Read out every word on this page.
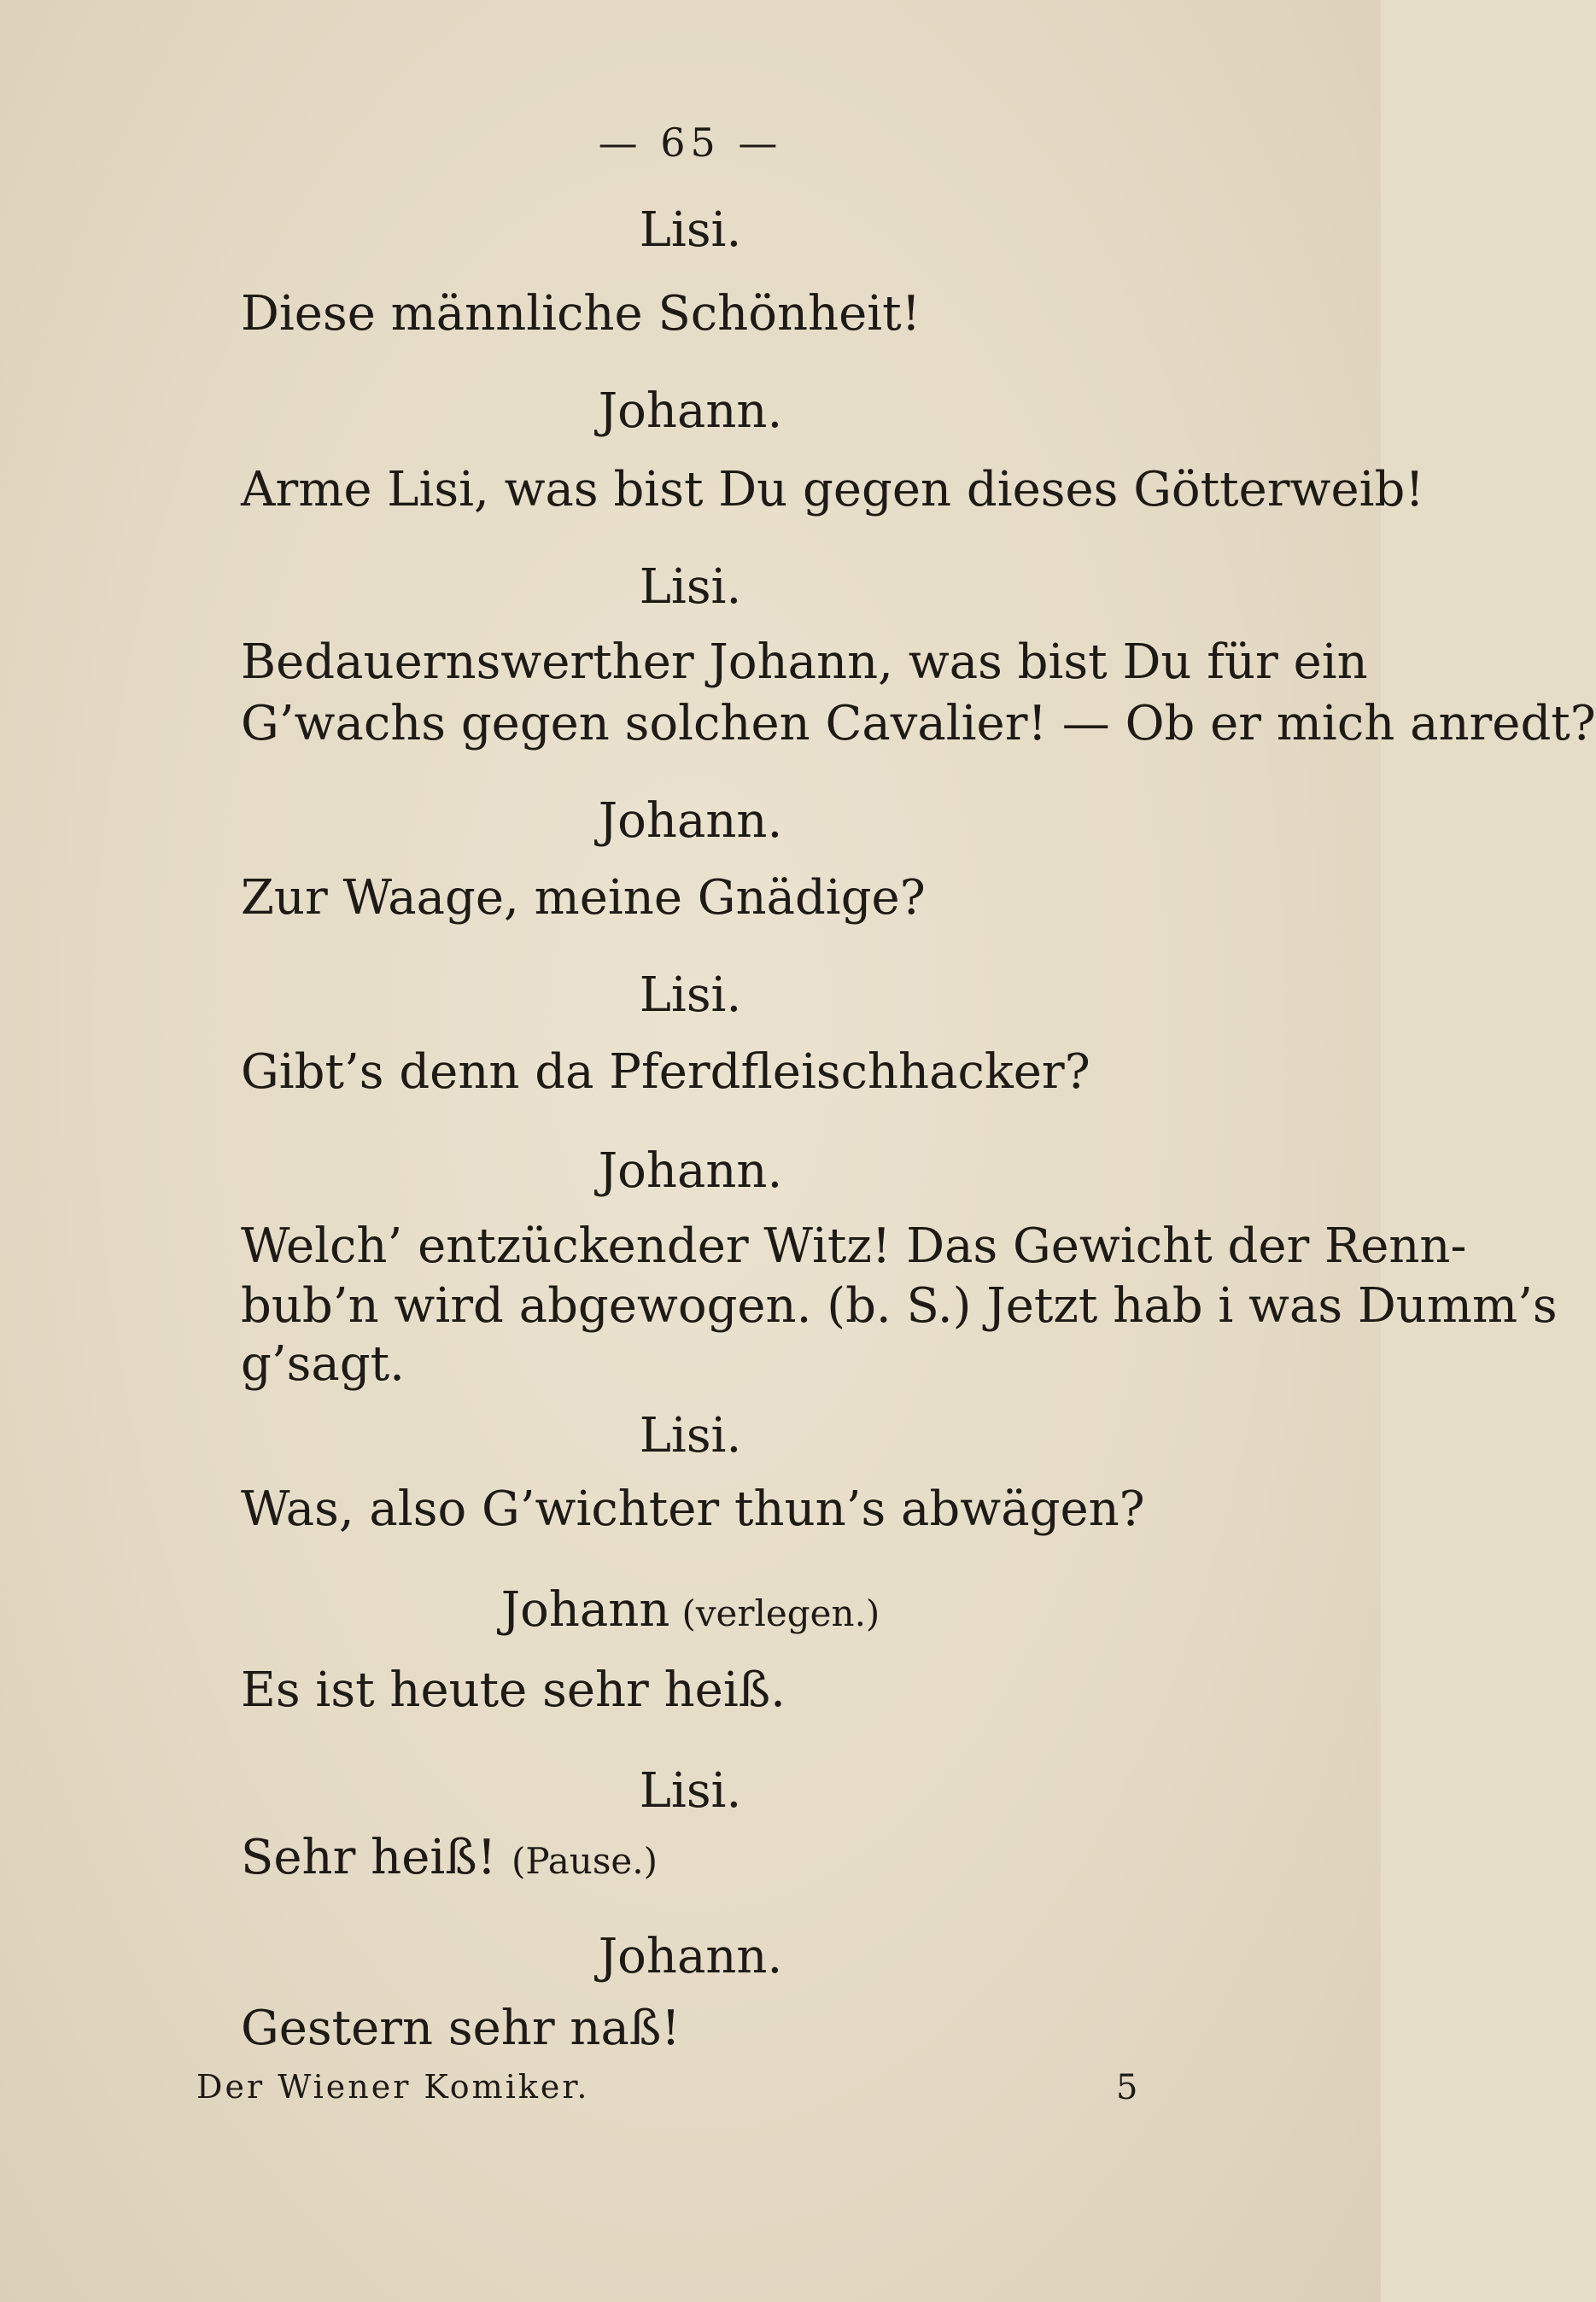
— 65 —
Lisi.
Diese männliche Schönheit!
Johann.
Arme Lisi, was bist Du gegen dieses Götterweib!
Lisi.
Bedauernswerther Johann, was bist Du für ein
G’wachs gegen solchen Cavalier! — Ob er mich anredt?
Johann.
Zur Waage, meine Gnädige?
Lisi.
Gibt’s denn da Pferdfleischhacker?
Johann.
Welch’ entzückender Witz! Das Gewicht der Renn-
bub’n wird abgewogen. (b. S.) Jetzt hab i was Dumm’s
g’sagt.
Lisi.
Was, also G’wichter thun’s abwägen?
Johann (verlegen.)
Es ist heute sehr heiß.
Lisi.
Sehr heiß! (Pause.)
Johann.
Gestern sehr naß!
Der Wiener Komiker.	5
